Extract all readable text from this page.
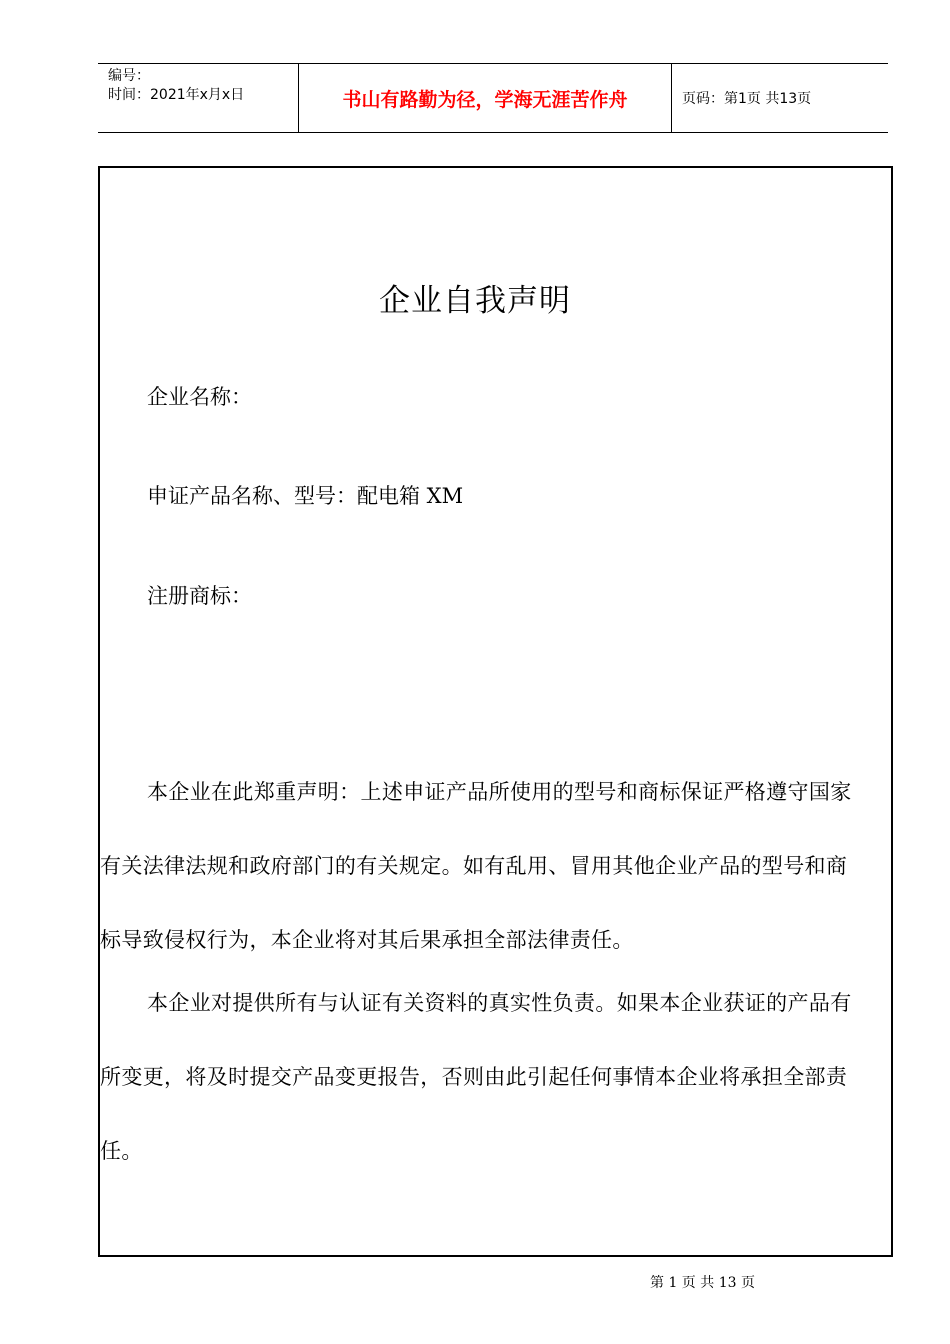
编号：
时间：2021年x月x日	书山有路勤为径，学海无涯苦作舟	页码：第1页 共13页
企业自我声明
企业名称：
申证产品名称、型号：配电箱 XM
注册商标：
本企业在此郑重声明：上述申证产品所使用的型号和商标保证严格遵守国家
有关法律法规和政府部门的有关规定。如有乱用、冒用其他企业产品的型号和商
标导致侵权行为，本企业将对其后果承担全部法律责任。
本企业对提供所有与认证有关资料的真实性负责。如果本企业获证的产品有
所变更，将及时提交产品变更报告，否则由此引起任何事情本企业将承担全部责
任。
第 1 页 共 13 页
